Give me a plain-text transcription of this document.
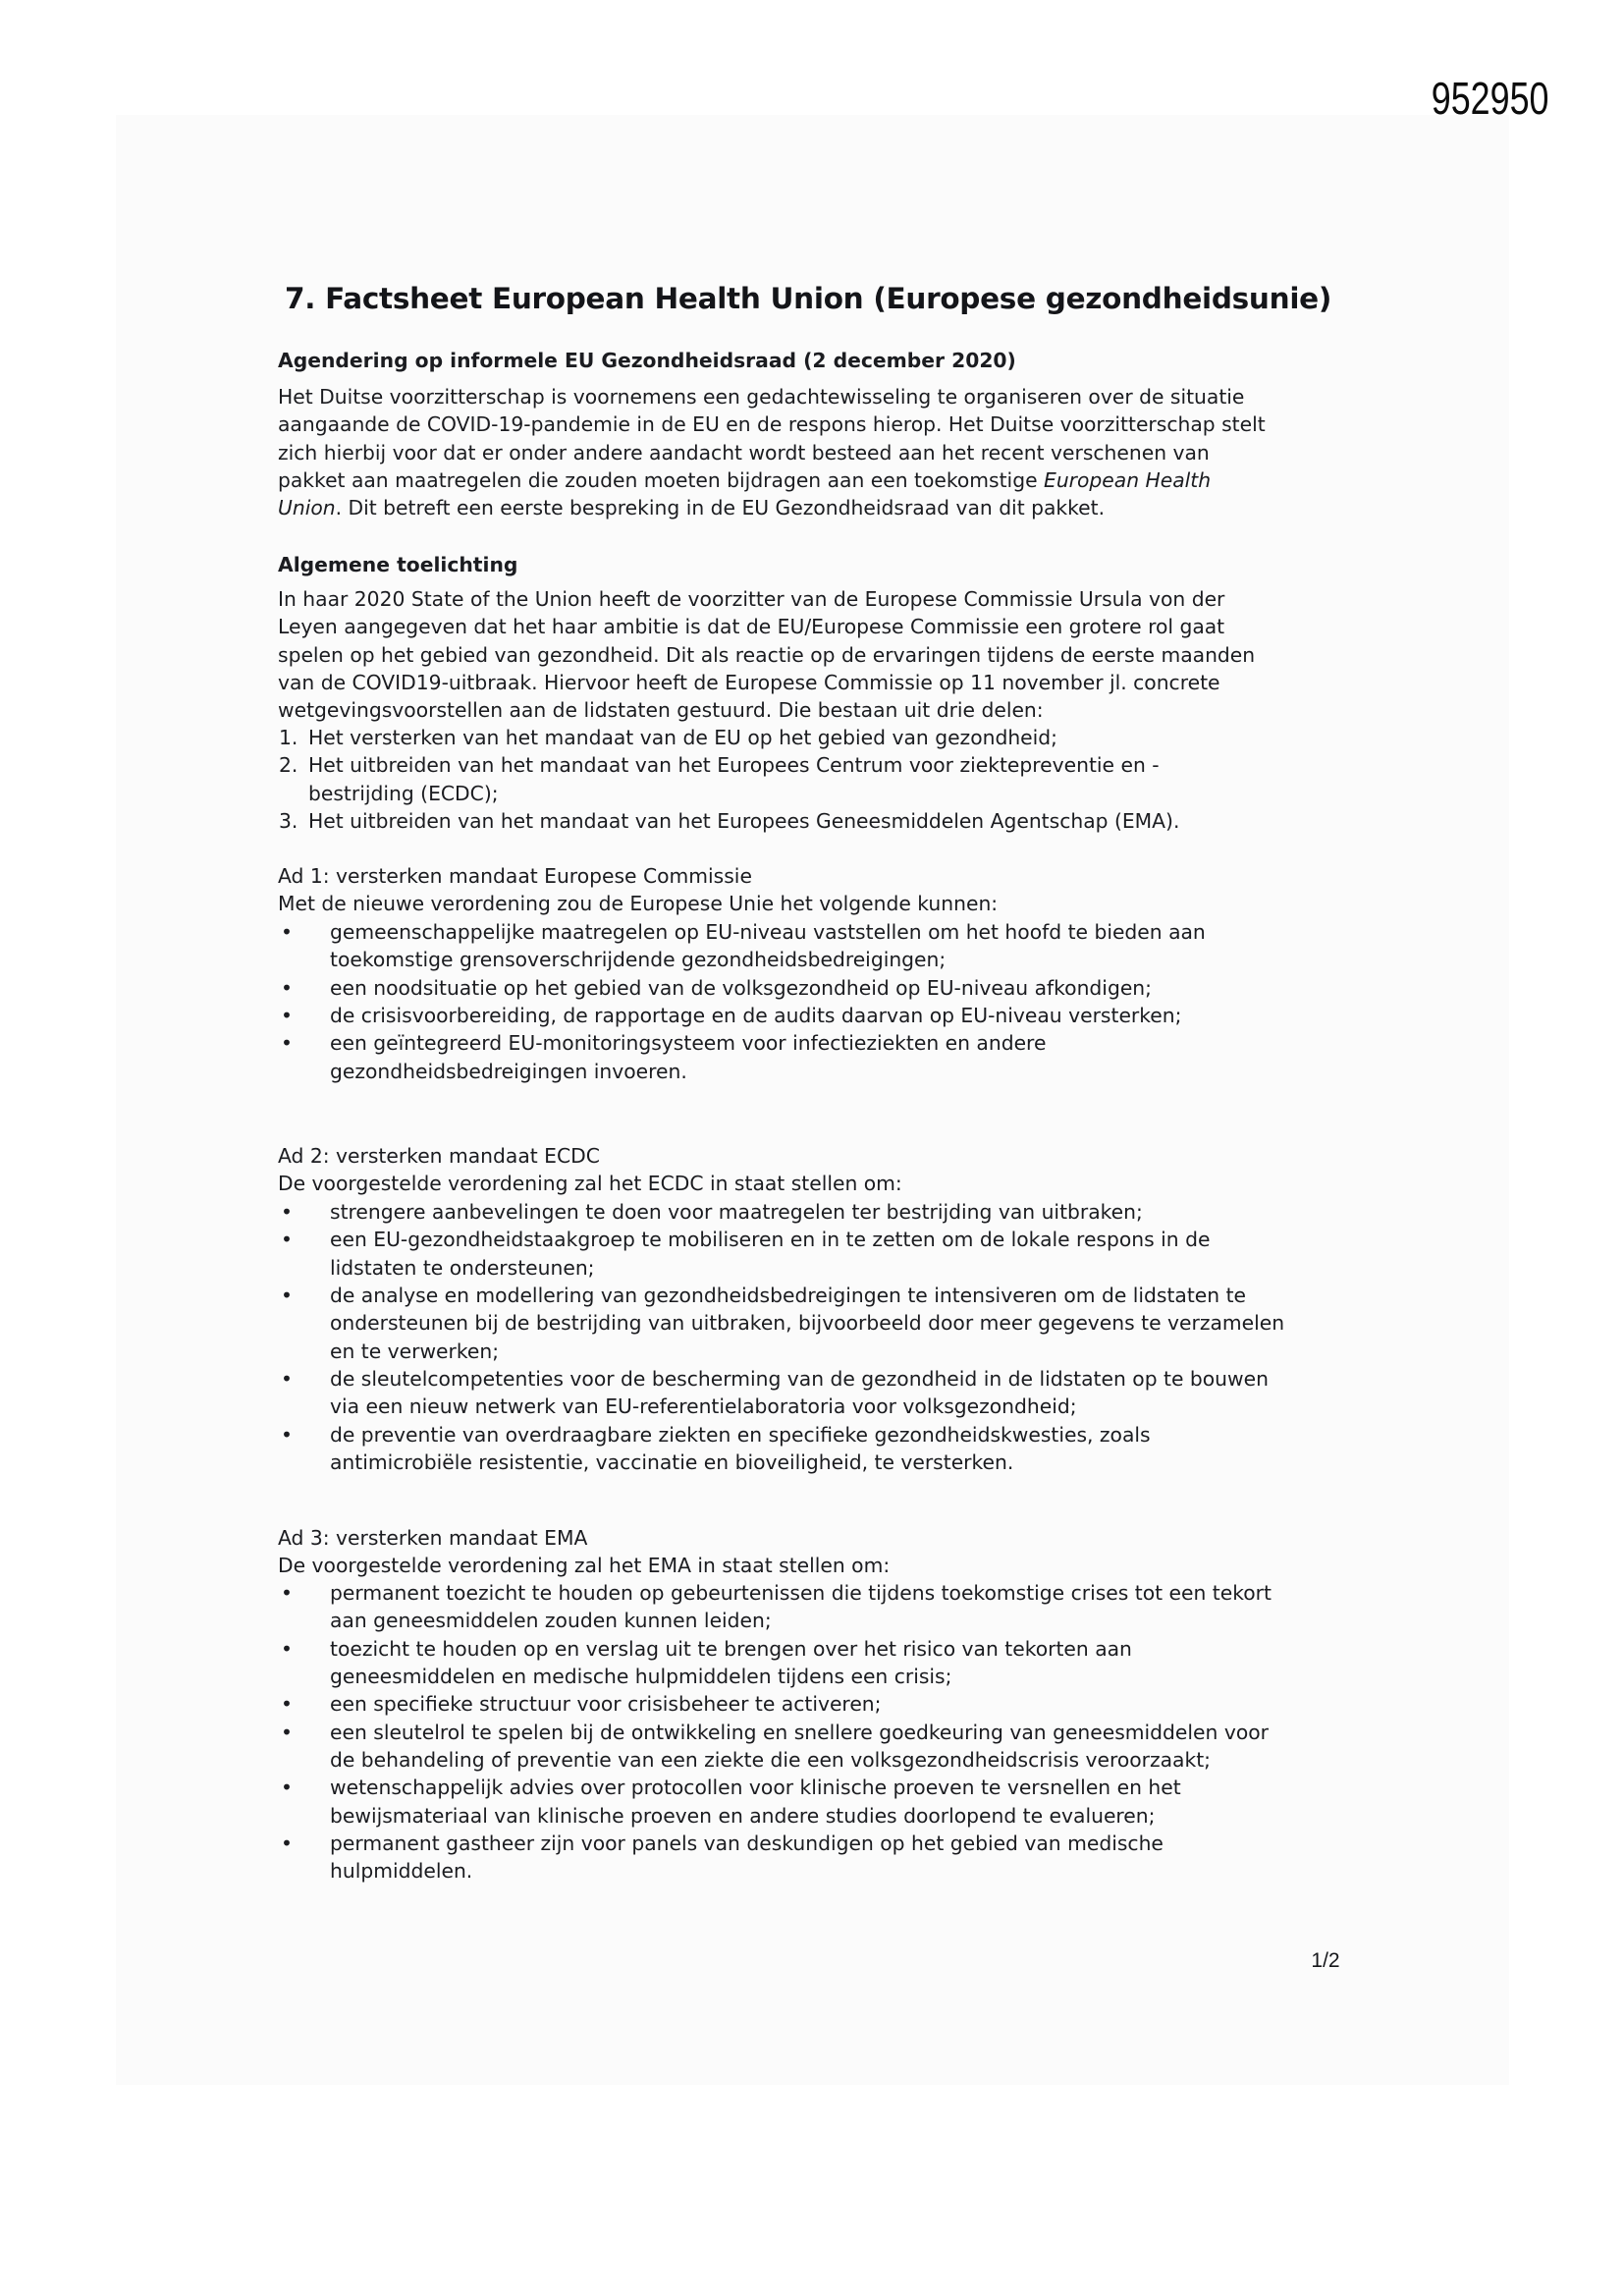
952950
7. Factsheet European Health Union (Europese gezondheidsunie)
Agendering op informele EU Gezondheidsraad (2 december 2020)
Het Duitse voorzitterschap is voornemens een gedachtewisseling te organiseren over de situatie
aangaande de COVID-19-pandemie in de EU en de respons hierop. Het Duitse voorzitterschap stelt
zich hierbij voor dat er onder andere aandacht wordt besteed aan het recent verschenen van
pakket aan maatregelen die zouden moeten bijdragen aan een toekomstige European Health
Union. Dit betreft een eerste bespreking in de EU Gezondheidsraad van dit pakket.
Algemene toelichting
In haar 2020 State of the Union heeft de voorzitter van de Europese Commissie Ursula von der
Leyen aangegeven dat het haar ambitie is dat de EU/Europese Commissie een grotere rol gaat
spelen op het gebied van gezondheid. Dit als reactie op de ervaringen tijdens de eerste maanden
van de COVID19-uitbraak. Hiervoor heeft de Europese Commissie op 11 november jl. concrete
wetgevingsvoorstellen aan de lidstaten gestuurd. Die bestaan uit drie delen:
1. Het versterken van het mandaat van de EU op het gebied van gezondheid;
2. Het uitbreiden van het mandaat van het Europees Centrum voor ziektepreventie en -
bestrijding (ECDC);
3. Het uitbreiden van het mandaat van het Europees Geneesmiddelen Agentschap (EMA).
Ad 1: versterken mandaat Europese Commissie
Met de nieuwe verordening zou de Europese Unie het volgende kunnen:
• gemeenschappelijke maatregelen op EU-niveau vaststellen om het hoofd te bieden aan
toekomstige grensoverschrijdende gezondheidsbedreigingen;
• een noodsituatie op het gebied van de volksgezondheid op EU-niveau afkondigen;
• de crisisvoorbereiding, de rapportage en de audits daarvan op EU-niveau versterken;
• een geïntegreerd EU-monitoringsysteem voor infectieziekten en andere
gezondheidsbedreigingen invoeren.
Ad 2: versterken mandaat ECDC
De voorgestelde verordening zal het ECDC in staat stellen om:
• strengere aanbevelingen te doen voor maatregelen ter bestrijding van uitbraken;
• een EU-gezondheidstaakgroep te mobiliseren en in te zetten om de lokale respons in de
lidstaten te ondersteunen;
• de analyse en modellering van gezondheidsbedreigingen te intensiveren om de lidstaten te
ondersteunen bij de bestrijding van uitbraken, bijvoorbeeld door meer gegevens te verzamelen
en te verwerken;
• de sleutelcompetenties voor de bescherming van de gezondheid in de lidstaten op te bouwen
via een nieuw netwerk van EU-referentielaboratoria voor volksgezondheid;
• de preventie van overdraagbare ziekten en specifieke gezondheidskwesties, zoals
antimicrobiële resistentie, vaccinatie en bioveiligheid, te versterken.
Ad 3: versterken mandaat EMA
De voorgestelde verordening zal het EMA in staat stellen om:
• permanent toezicht te houden op gebeurtenissen die tijdens toekomstige crises tot een tekort
aan geneesmiddelen zouden kunnen leiden;
• toezicht te houden op en verslag uit te brengen over het risico van tekorten aan
geneesmiddelen en medische hulpmiddelen tijdens een crisis;
• een specifieke structuur voor crisisbeheer te activeren;
• een sleutelrol te spelen bij de ontwikkeling en snellere goedkeuring van geneesmiddelen voor
de behandeling of preventie van een ziekte die een volksgezondheidscrisis veroorzaakt;
• wetenschappelijk advies over protocollen voor klinische proeven te versnellen en het
bewijsmateriaal van klinische proeven en andere studies doorlopend te evalueren;
• permanent gastheer zijn voor panels van deskundigen op het gebied van medische
hulpmiddelen.
1/2
